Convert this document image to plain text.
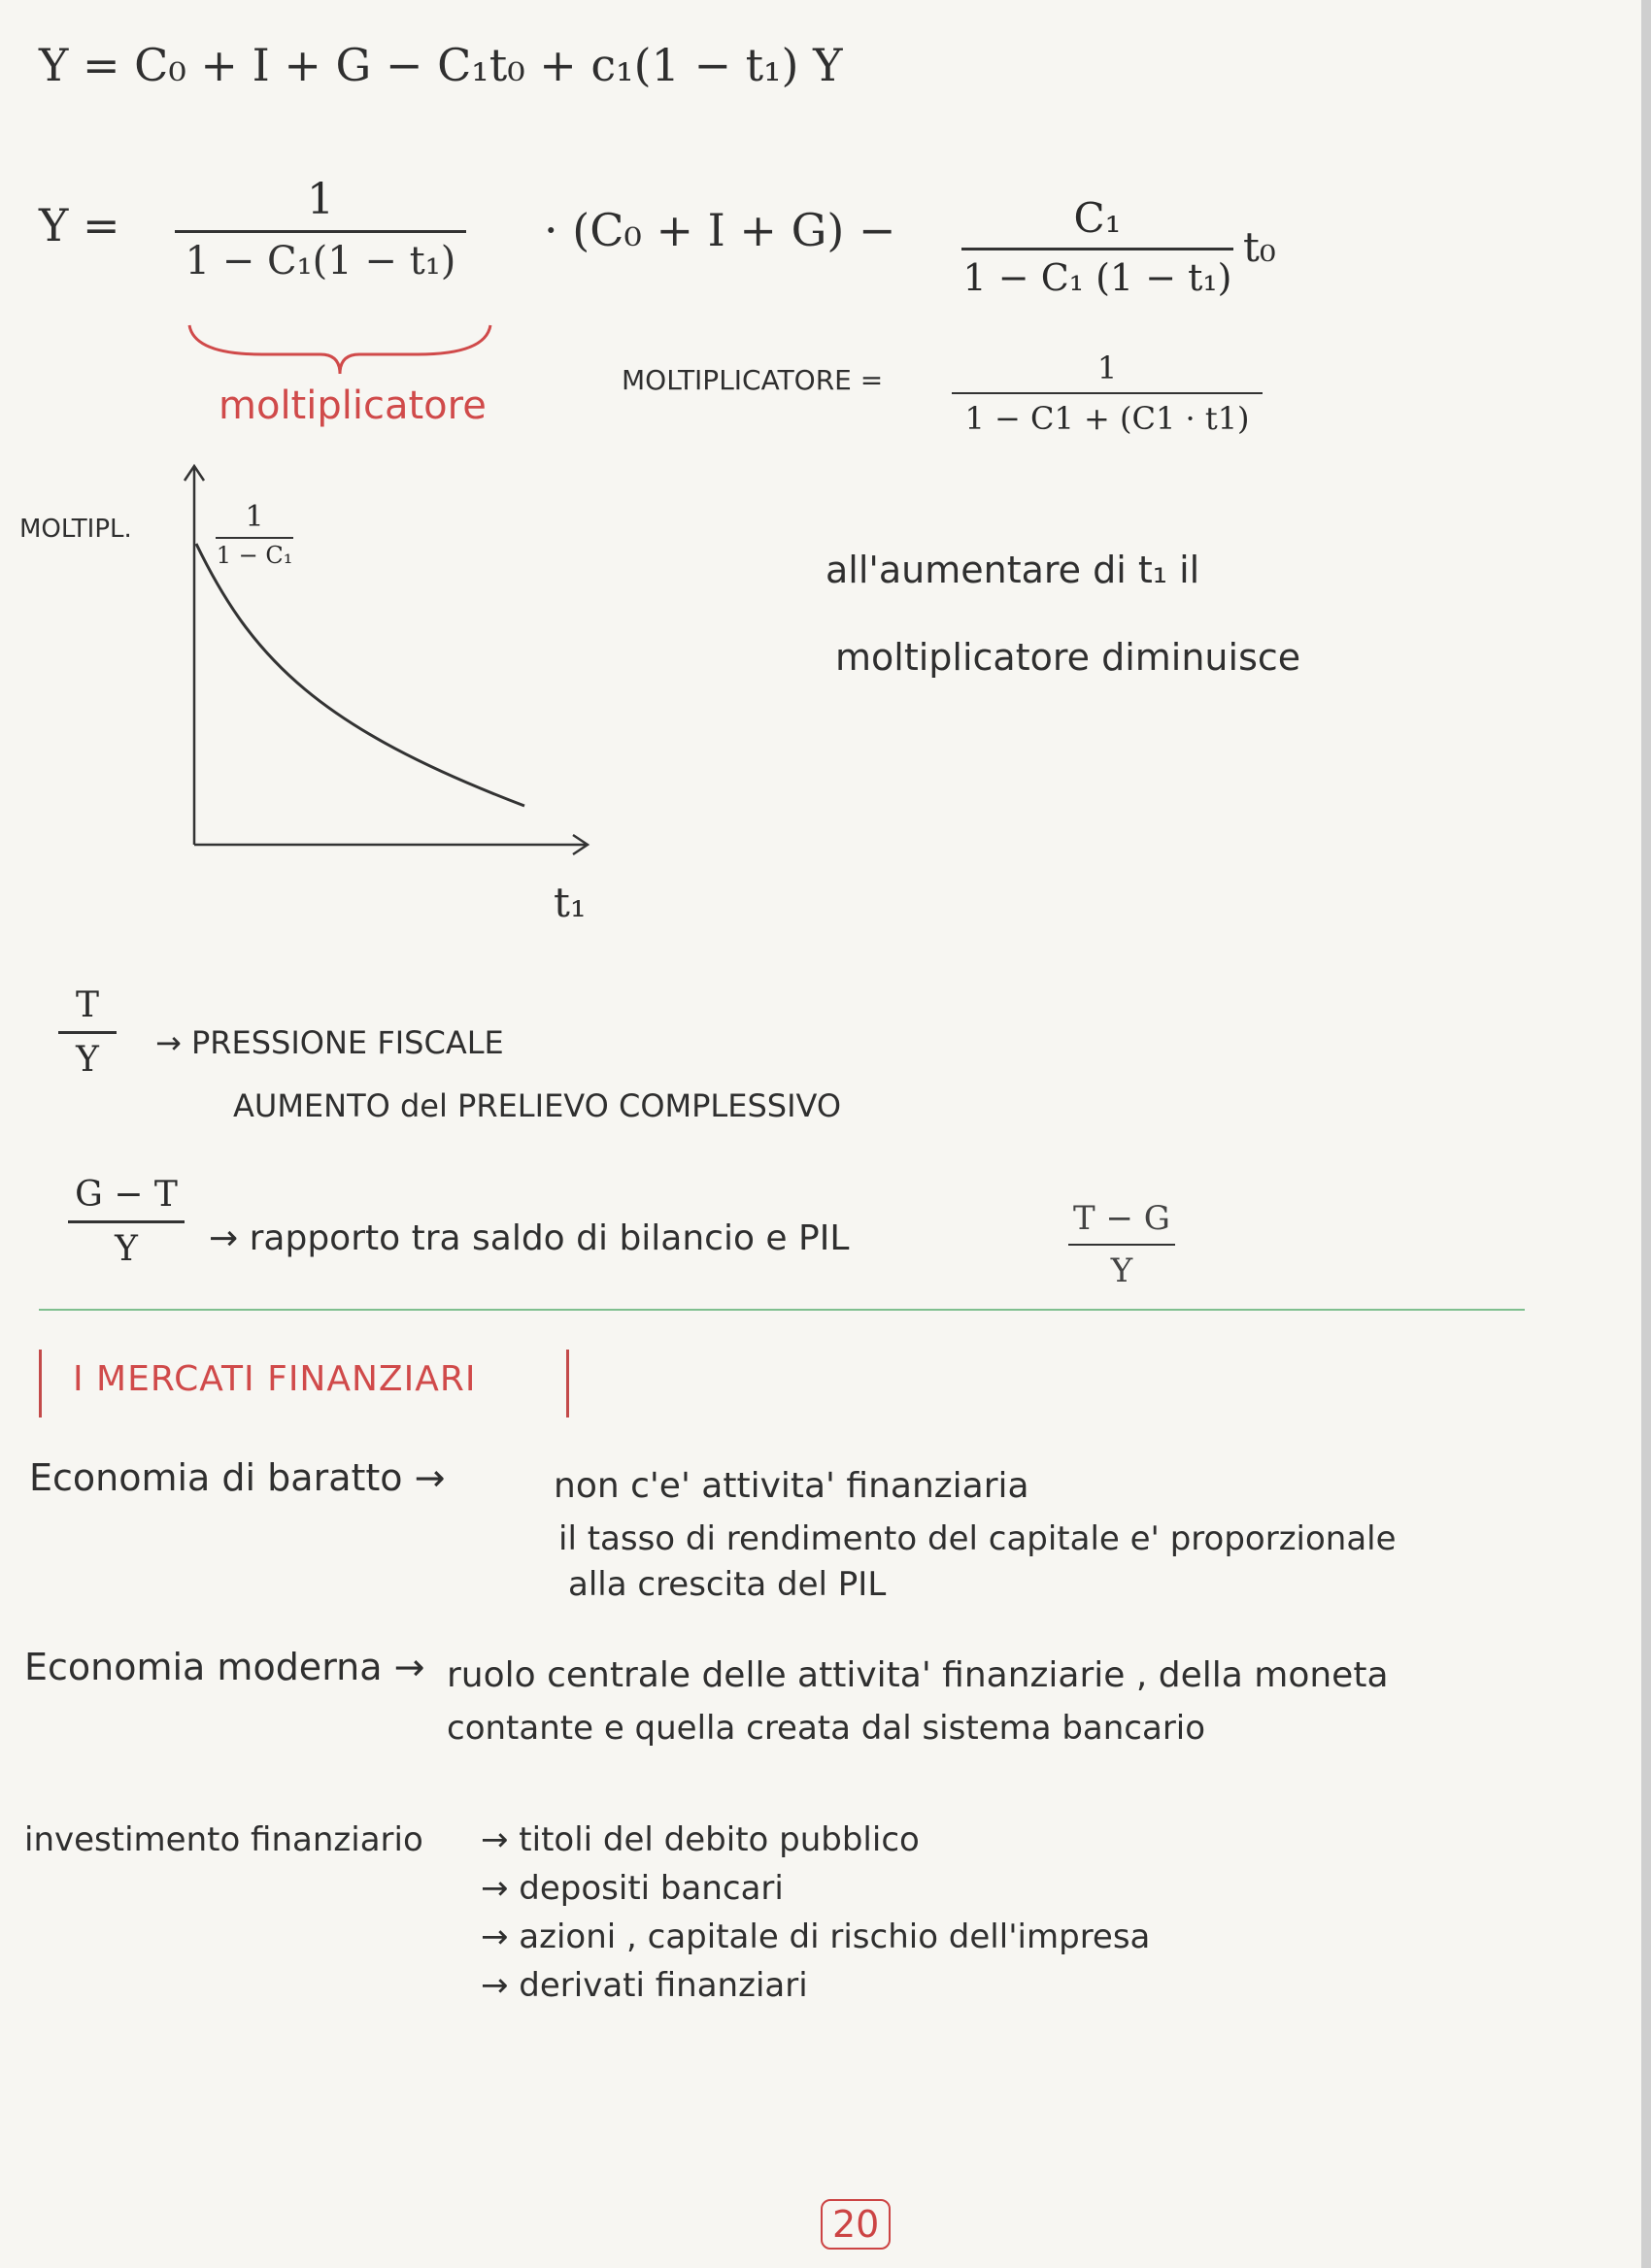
Y = C₀ + I + G − C₁t₀ + c₁(1 − t₁) Y
Y =	1
1 − C₁(1 − t₁)
· (C₀ + I + G) −	C₁
1 − C₁ (1 − t₁)
t₀
moltiplicatore
MOLTIPLICATORE =	1
1 − C1 + (C1 · t1)
MOLTIPL.	1
1 − C₁
t₁
all'aumentare di t₁ il
moltiplicatore diminuisce
T
Y → PRESSIONE FISCALE
AUMENTO del PRELIEVO COMPLESSIVO
G − T
Y → rapporto tra saldo di bilancio e PIL	T − G
Y
I MERCATI FINANZIARI
Economia di baratto →	non c'e' attivita' finanziaria
il tasso di rendimento del capitale e' proporzionale
alla crescita del PIL
Economia moderna → ruolo centrale delle attivita' finanziarie , della moneta
contante e quella creata dal sistema bancario
investimento finanziario → titoli del debito pubblico
→ depositi bancari
→ azioni , capitale di rischio dell'impresa
→ derivati finanziari
20
